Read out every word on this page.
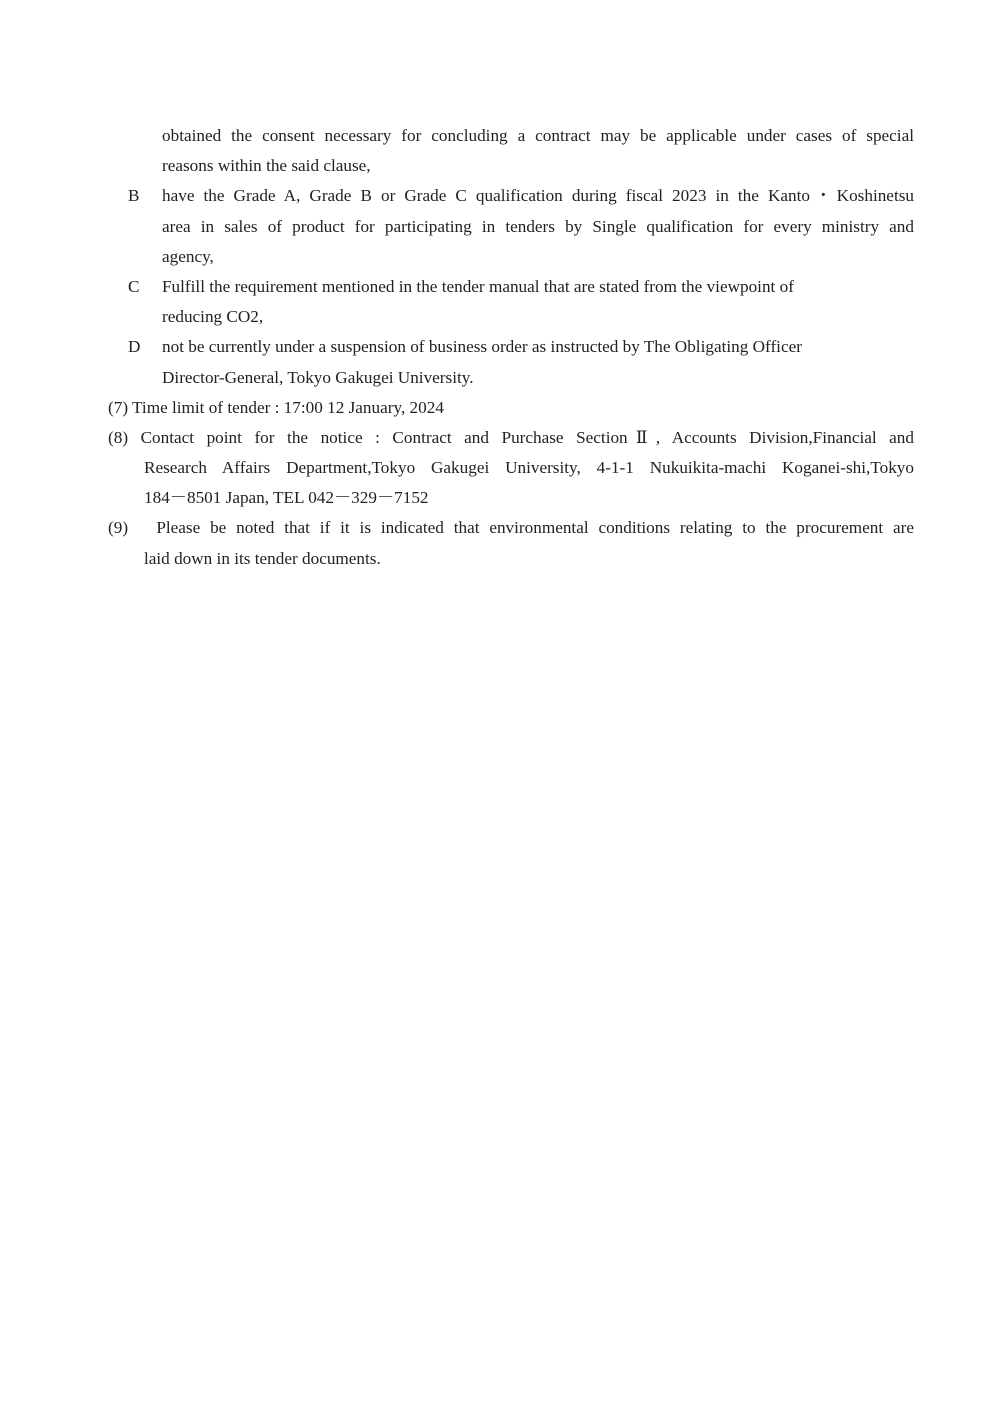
obtained the consent necessary for concluding a contract may be applicable under cases of special
reasons within the said clause,
B	have the Grade A, Grade B or Grade C qualification during fiscal 2023 in the Kanto・Koshinetsu
area in sales of product for participating in tenders by Single qualification for every ministry and
agency,
C	Fulfill the requirement mentioned in the tender manual that are stated from the viewpoint of
reducing CO2,
D	not be currently under a suspension of business order as instructed by The Obligating Officer
Director-General, Tokyo Gakugei University.
(7) Time limit of tender : 17:00 12 January, 2024
(8) Contact point for the notice : Contract and Purchase SectionⅡ, Accounts Division,Financial and
Research Affairs Department,Tokyo Gakugei University, 4-1-1 Nukuikita-machi Koganei-shi,Tokyo
184－8501 Japan, TEL 042－329－7152
(9)　Please be noted that if it is indicated that environmental conditions relating to the procurement are
laid down in its tender documents.
